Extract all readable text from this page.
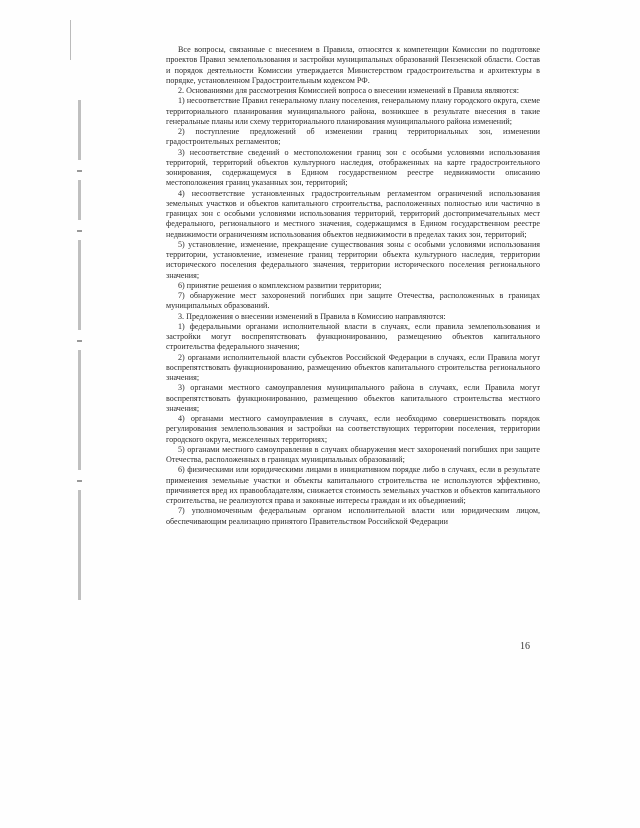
Все вопросы, связанные с внесением в Правила, относятся к компетенции Комиссии по подготовке проектов Правил землепользования и застройки муниципальных образований Пензенской области. Состав и порядок деятельности Комиссии утверждается Министерством градостроительства и архитектуры в порядке, установленном Градостроительным кодексом РФ.

2. Основаниями для рассмотрения Комиссией вопроса о внесении изменений в Правила являются:

1) несоответствие Правил генеральному плану поселения, генеральному плану городского округа, схеме территориального планирования муниципального района, возникшее в результате внесения в такие генеральные планы или схему территориального планирования муниципального района изменений;

2) поступление предложений об изменении границ территориальных зон, изменении градостроительных регламентов;

3) несоответствие сведений о местоположении границ зон с особыми условиями использования территорий, территорий объектов культурного наследия, отображенных на карте градостроительного зонирования, содержащемуся в Едином государственном реестре недвижимости описанию местоположения границ указанных зон, территорий;

4) несоответствие установленных градостроительным регламентом ограничений использования земельных участков и объектов капитального строительства, расположенных полностью или частично в границах зон с особыми условиями использования территорий, территорий достопримечательных мест федерального, регионального и местного значения, содержащимся в Едином государственном реестре недвижимости ограничениям использования объектов недвижимости в пределах таких зон, территорий;

5) установление, изменение, прекращение существования зоны с особыми условиями использования территории, установление, изменение границ территории объекта культурного наследия, территории исторического поселения федерального значения, территории исторического поселения регионального значения;

6) принятие решения о комплексном развитии территории;

7) обнаружение мест захоронений погибших при защите Отечества, расположенных в границах муниципальных образований.

3. Предложения о внесении изменений в Правила в Комиссию направляются:

1) федеральными органами исполнительной власти в случаях, если правила землепользования и застройки могут воспрепятствовать функционированию, размещению объектов капитального строительства федерального значения;

2) органами исполнительной власти субъектов Российской Федерации в случаях, если Правила могут воспрепятствовать функционированию, размещению объектов капитального строительства регионального значения;

3) органами местного самоуправления муниципального района в случаях, если Правила могут воспрепятствовать функционированию, размещению объектов капитального строительства местного значения;

4) органами местного самоуправления в случаях, если необходимо совершенствовать порядок регулирования землепользования и застройки на соответствующих территории поселения, территории городского округа, межселенных территориях;

5) органами местного самоуправления в случаях обнаружения мест захоронений погибших при защите Отечества, расположенных в границах муниципальных образований;

6) физическими или юридическими лицами в инициативном порядке либо в случаях, если в результате применения земельные участки и объекты капитального строительства не используются эффективно, причиняется вред их правообладателям, снижается стоимость земельных участков и объектов капитального строительства, не реализуются права и законные интересы граждан и их объединений;

7) уполномоченным федеральным органом исполнительной власти или юридическим лицом, обеспечивающим реализацию принятого Правительством Российской Федерации

16
